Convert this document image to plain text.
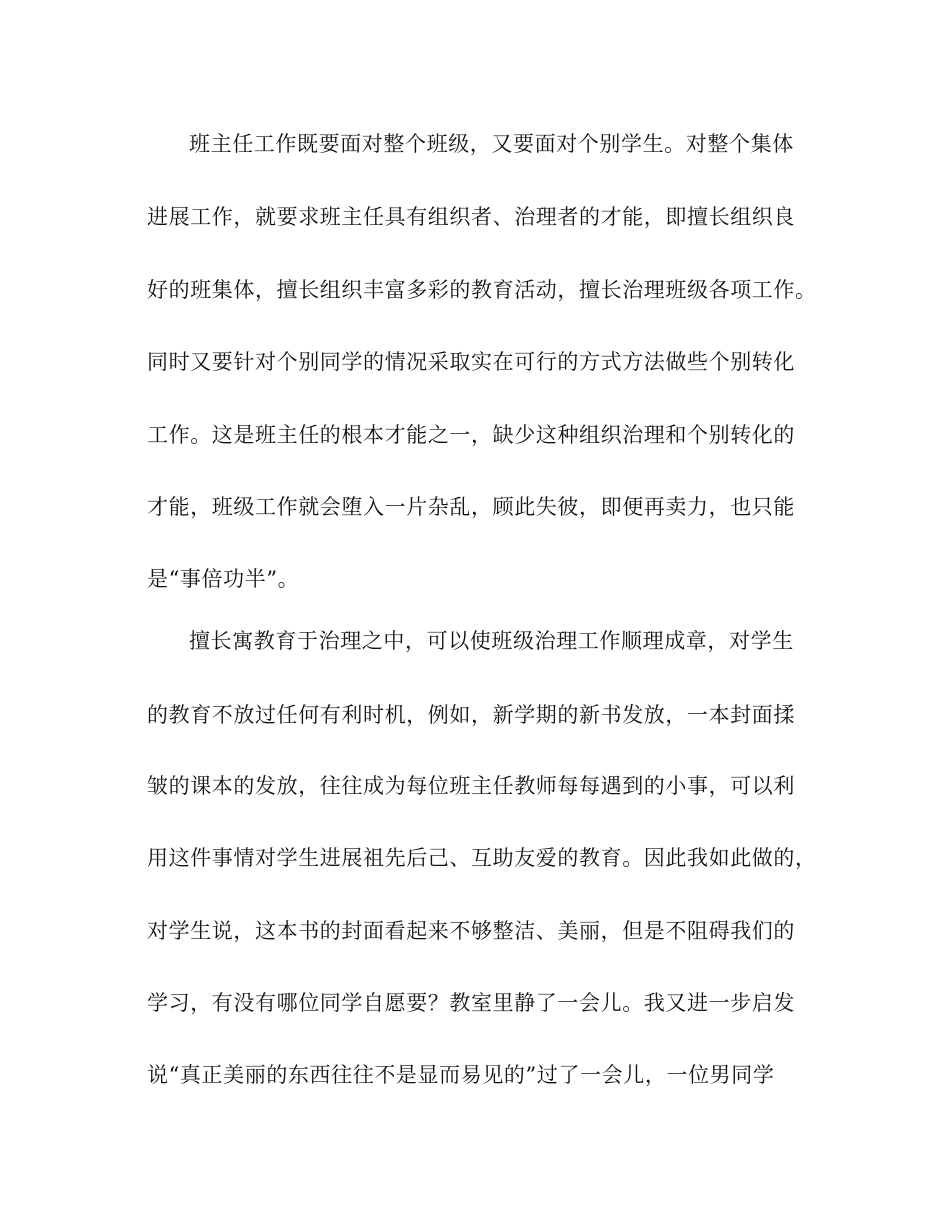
班主任工作既要面对整个班级，又要面对个别学生。对整个集体
进展工作，就要求班主任具有组织者、治理者的才能，即擅长组织良
好的班集体，擅长组织丰富多彩的教育活动，擅长治理班级各项工作。
同时又要针对个别同学的情况采取实在可行的方式方法做些个别转化
工作。这是班主任的根本才能之一，缺少这种组织治理和个别转化的
才能，班级工作就会堕入一片杂乱，顾此失彼，即便再卖力，也只能
是“事倍功半”。
擅长寓教育于治理之中，可以使班级治理工作顺理成章，对学生
的教育不放过任何有利时机，例如，新学期的新书发放，一本封面揉
皱的课本的发放，往往成为每位班主任教师每每遇到的小事，可以利
用这件事情对学生进展祖先后己、互助友爱的教育。因此我如此做的，
对学生说，这本书的封面看起来不够整洁、美丽，但是不阻碍我们的
学习，有没有哪位同学自愿要？教室里静了一会儿。我又进一步启发
说“真正美丽的东西往往不是显而易见的”过了一会儿，一位男同学
